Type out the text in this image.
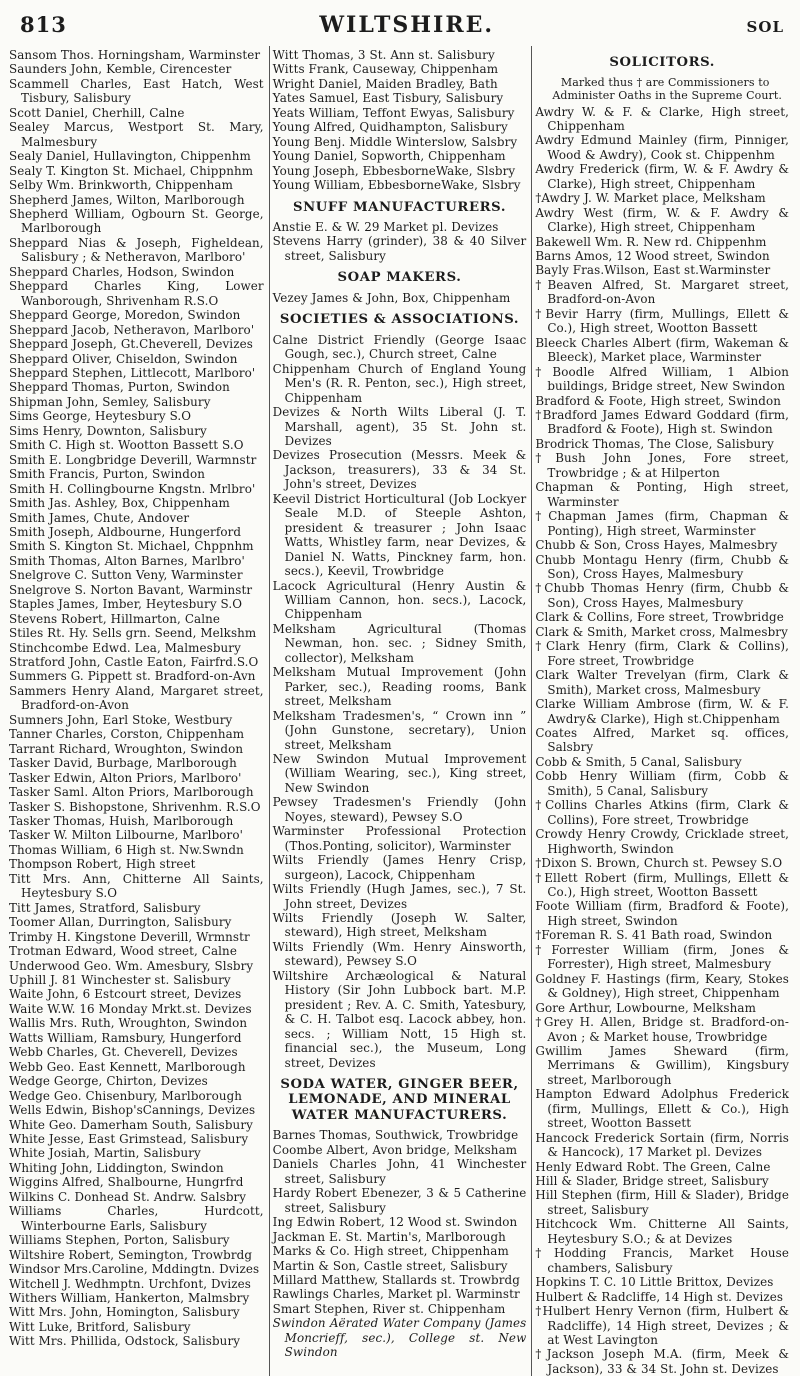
813	WILTSHIRE.	SOL
Sansom Thos. Horningsham, Warminster
Saunders John, Kemble, Cirencester
Scammell Charles, East Hatch, West Tisbury, Salisbury
Scott Daniel, Cherhill, Calne
Sealey Marcus, Westport St. Mary, Malmesbury
Sealy Daniel, Hullavington, Chippenhm
Sealy T. Kington St. Michael, Chippnhm
Selby Wm. Brinkworth, Chippenham
Shepherd James, Wilton, Marlborough
Shepherd William, Ogbourn St. George, Marlborough
Sheppard Nias & Joseph, Figheldean, Salisbury ; & Netheravon, Marlboro'
Sheppard Charles, Hodson, Swindon
Sheppard Charles King, Lower Wanborough, Shrivenham R.S.O
Sheppard George, Moredon, Swindon
Sheppard Jacob, Netheravon, Marlboro'
Sheppard Joseph, Gt.Cheverell, Devizes
Sheppard Oliver, Chiseldon, Swindon
Sheppard Stephen, Littlecott, Marlboro'
Sheppard Thomas, Purton, Swindon
Shipman John, Semley, Salisbury
Sims George, Heytesbury S.O
Sims Henry, Downton, Salisbury
Smith C. High st. Wootton Bassett S.O
Smith E. Longbridge Deverill, Warmnstr
Smith Francis, Purton, Swindon
Smith H. Collingbourne Kngstn. Mrlbro'
Smith Jas. Ashley, Box, Chippenham
Smith James, Chute, Andover
Smith Joseph, Aldbourne, Hungerford
Smith S. Kington St. Michael, Chppnhm
Smith Thomas, Alton Barnes, Marlbro'
Snelgrove C. Sutton Veny, Warminster
Snelgrove S. Norton Bavant, Warminstr
Staples James, Imber, Heytesbury S.O
Stevens Robert, Hillmarton, Calne
Stiles Rt. Hy. Sells grn. Seend, Melkshm
Stinchcombe Edwd. Lea, Malmesbury
Stratford John, Castle Eaton, Fairfrd.S.O
Summers G. Pippett st. Bradford-on-Avn
Sammers Henry Aland, Margaret street, Bradford-on-Avon
Sumners John, Earl Stoke, Westbury
Tanner Charles, Corston, Chippenham
Tarrant Richard, Wroughton, Swindon
Tasker David, Burbage, Marlborough
Tasker Edwin, Alton Priors, Marlboro'
Tasker Saml. Alton Priors, Marlborough
Tasker S. Bishopstone, Shrivenhm. R.S.O
Tasker Thomas, Huish, Marlborough
Tasker W. Milton Lilbourne, Marlboro'
Thomas William, 6 High st. Nw.Swndn
Thompson Robert, High street
Titt Mrs. Ann, Chitterne All Saints, Heytesbury S.O
Titt James, Stratford, Salisbury
Toomer Allan, Durrington, Salisbury
Trimby H. Kingstone Deverill, Wrmnstr
Trotman Edward, Wood street, Calne
Underwood Geo. Wm. Amesbury, Slsbry
Uphill J. 81 Winchester st. Salisbury
Waite John, 6 Estcourt street, Devizes
Waite W.W. 16 Monday Mrkt.st. Devizes
Wallis Mrs. Ruth, Wroughton, Swindon
Watts William, Ramsbury, Hungerford
Webb Charles, Gt. Cheverell, Devizes
Webb Geo. East Kennett, Marlborough
Wedge George, Chirton, Devizes
Wedge Geo. Chisenbury, Marlborough
Wells Edwin, Bishop'sCannings, Devizes
White Geo. Damerham South, Salisbury
White Jesse, East Grimstead, Salisbury
White Josiah, Martin, Salisbury
Whiting John, Liddington, Swindon
Wiggins Alfred, Shalbourne, Hungrfrd
Wilkins C. Donhead St. Andrw. Salsbry
Williams Charles, Hurdcott, Winterbourne Earls, Salisbury
Williams Stephen, Porton, Salisbury
Wiltshire Robert, Semington, Trowbrdg
Windsor Mrs.Caroline, Mddingtn. Dvizes
Witchell J. Wedhmptn. Urchfont, Dvizes
Withers William, Hankerton, Malmsbry
Witt Mrs. John, Homington, Salisbury
Witt Luke, Britford, Salisbury
Witt Mrs. Phillida, Odstock, Salisbury
Witt Thomas, 3 St. Ann st. Salisbury
Witts Frank, Causeway, Chippenham
Wright Daniel, Maiden Bradley, Bath
Yates Samuel, East Tisbury, Salisbury
Yeats William, Teffont Ewyas, Salisbury
Young Alfred, Quidhampton, Salisbury
Young Benj. Middle Winterslow, Salsbry
Young Daniel, Sopworth, Chippenham
Young Joseph, EbbesborneWake, Slsbry
Young William, EbbesborneWake, Slsbry
SNUFF MANUFACTURERS.
Anstie E. & W. 29 Market pl. Devizes
Stevens Harry (grinder), 38 & 40 Silver street, Salisbury
SOAP MAKERS.
Vezey James & John, Box, Chippenham
SOCIETIES & ASSOCIATIONS.
Calne District Friendly (George Isaac Gough, sec.), Church street, Calne
Chippenham Church of England Young Men's (R. R. Penton, sec.), High street, Chippenham
Devizes & North Wilts Liberal (J. T. Marshall, agent), 35 St. John st. Devizes
Devizes Prosecution (Messrs. Meek & Jackson, treasurers), 33 & 34 St. John's street, Devizes
Keevil District Horticultural (Job Lockyer Seale M.D. of Steeple Ashton, president & treasurer ; John Isaac Watts, Whistley farm, near Devizes, & Daniel N. Watts, Pinckney farm, hon. secs.), Keevil, Trowbridge
Lacock Agricultural (Henry Austin & William Cannon, hon. secs.), Lacock, Chippenham
Melksham Agricultural (Thomas Newman, hon. sec. ; Sidney Smith, collector), Melksham
Melksham Mutual Improvement (John Parker, sec.), Reading rooms, Bank street, Melksham
Melksham Tradesmen's, “ Crown inn ” (John Gunstone, secretary), Union street, Melksham
New Swindon Mutual Improvement (William Wearing, sec.), King street, New Swindon
Pewsey Tradesmen's Friendly (John Noyes, steward), Pewsey S.O
Warminster Professional Protection (Thos.Ponting, solicitor), Warminster
Wilts Friendly (James Henry Crisp, surgeon), Lacock, Chippenham
Wilts Friendly (Hugh James, sec.), 7 St. John street, Devizes
Wilts Friendly (Joseph W. Salter, steward), High street, Melksham
Wilts Friendly (Wm. Henry Ainsworth, steward), Pewsey S.O
Wiltshire Archæological & Natural History (Sir John Lubbock bart. M.P. president ; Rev. A. C. Smith, Yatesbury, & C. H. Talbot esq. Lacock abbey, hon. secs. ; William Nott, 15 High st. financial sec.), the Museum, Long street, Devizes
SODA WATER, GINGER BEER, LEMONADE, AND MINERAL WATER MANUFACTURERS.
Barnes Thomas, Southwick, Trowbridge
Coombe Albert, Avon bridge, Melksham
Daniels Charles John, 41 Winchester street, Salisbury
Hardy Robert Ebenezer, 3 & 5 Catherine street, Salisbury
Ing Edwin Robert, 12 Wood st. Swindon
Jackman E. St. Martin's, Marlborough
Marks & Co. High street, Chippenham
Martin & Son, Castle street, Salisbury
Millard Matthew, Stallards st. Trowbrdg
Rawlings Charles, Market pl. Warminstr
Smart Stephen, River st. Chippenham
Swindon Aërated Water Company (James Moncrieff, sec.), College st. New Swindon
SOLICITORS.
Marked thus † are Commissioners to Administer Oaths in the Supreme Court.
Awdry W. & F. & Clarke, High street, Chippenham
Awdry Edmund Mainley (firm, Pinniger, Wood & Awdry), Cook st. Chippenhm
Awdry Frederick (firm, W. & F. Awdry & Clarke), High street, Chippenham
†Awdry J. W. Market place, Melksham
Awdry West (firm, W. & F. Awdry & Clarke), High street, Chippenham
Bakewell Wm. R. New rd. Chippenhm
Barns Amos, 12 Wood street, Swindon
Bayly Fras.Wilson, East st.Warminster
†Beaven Alfred, St. Margaret street, Bradford-on-Avon
†Bevir Harry (firm, Mullings, Ellett & Co.), High street, Wootton Bassett
Bleeck Charles Albert (firm, Wakeman & Bleeck), Market place, Warminster
†Boodle Alfred William, 1 Albion buildings, Bridge street, New Swindon
Bradford & Foote, High street, Swindon
†Bradford James Edward Goddard (firm, Bradford & Foote), High st. Swindon
Brodrick Thomas, The Close, Salisbury
†Bush John Jones, Fore street, Trowbridge ; & at Hilperton
Chapman & Ponting, High street, Warminster
†Chapman James (firm, Chapman & Ponting), High street, Warminster
Chubb & Son, Cross Hayes, Malmesbry
Chubb Montagu Henry (firm, Chubb & Son), Cross Hayes, Malmesbury
†Chubb Thomas Henry (firm, Chubb & Son), Cross Hayes, Malmesbury
Clark & Collins, Fore street, Trowbridge
Clark & Smith, Market cross, Malmesbry
†Clark Henry (firm, Clark & Collins), Fore street, Trowbridge
Clark Walter Trevelyan (firm, Clark & Smith), Market cross, Malmesbury
Clarke William Ambrose (firm, W. & F. Awdry& Clarke), High st.Chippenham
Coates Alfred, Market sq. offices, Salsbry
Cobb & Smith, 5 Canal, Salisbury
Cobb Henry William (firm, Cobb & Smith), 5 Canal, Salisbury
†Collins Charles Atkins (firm, Clark & Collins), Fore street, Trowbridge
Crowdy Henry Crowdy, Cricklade street, Highworth, Swindon
†Dixon S. Brown, Church st. Pewsey S.O
†Ellett Robert (firm, Mullings, Ellett & Co.), High street, Wootton Bassett
Foote William (firm, Bradford & Foote), High street, Swindon
†Foreman R. S. 41 Bath road, Swindon
†Forrester William (firm, Jones & Forrester), High street, Malmesbury
Goldney F. Hastings (firm, Keary, Stokes & Goldney), High street, Chippenham
Gore Arthur, Lowbourne, Melksham
†Grey H. Allen, Bridge st. Bradford-on-Avon ; & Market house, Trowbridge
Gwillim James Sheward (firm, Merrimans & Gwillim), Kingsbury street, Marlborough
Hampton Edward Adolphus Frederick (firm, Mullings, Ellett & Co.), High street, Wootton Bassett
Hancock Frederick Sortain (firm, Norris & Hancock), 17 Market pl. Devizes
Henly Edward Robt. The Green, Calne
Hill & Slader, Bridge street, Salisbury
Hill Stephen (firm, Hill & Slader), Bridge street, Salisbury
Hitchcock Wm. Chitterne All Saints, Heytesbury S.O.; & at Devizes
†Hodding Francis, Market House chambers, Salisbury
Hopkins T. C. 10 Little Brittox, Devizes
Hulbert & Radcliffe, 14 High st. Devizes
†Hulbert Henry Vernon (firm, Hulbert & Radcliffe), 14 High street, Devizes ; & at West Lavington
†Jackson Joseph M.A. (firm, Meek & Jackson), 33 & 34 St. John st. Devizes
